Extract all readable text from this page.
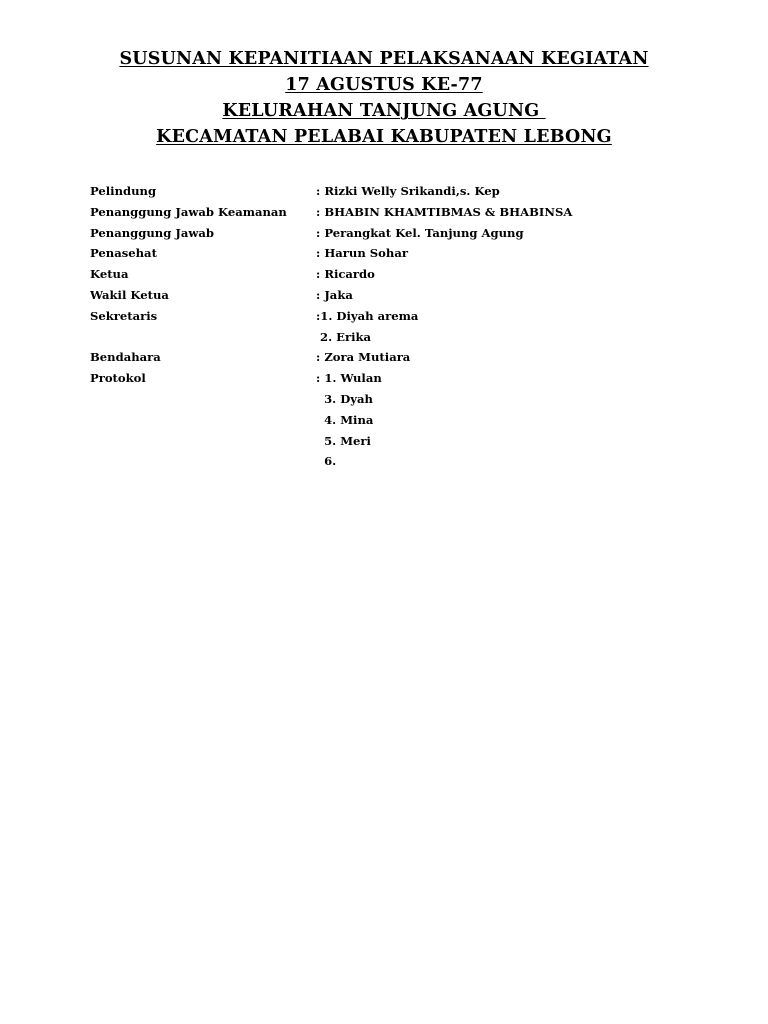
SUSUNAN KEPANITIAAN PELAKSANAAN KEGIATAN
17 AGUSTUS KE-77
KELURAHAN TANJUNG AGUNG
KECAMATAN PELABAI KABUPATEN LEBONG

Pelindung

	: Rizki Welly Srikandi,s. Kep

Penanggung Jawab Keamanan

	: BHABIN KHAMTIBMAS & BHABINSA

Penanggung Jawab

	: Perangkat Kel. Tanjung Agung

Penasehat

	: Harun Sohar

Ketua

	: Ricardo

Wakil Ketua

	: Jaka

Sekretaris

	:1. Diyah arema

2. Erika

Bendahara

	: Zora Mutiara

Protokol

	: 1. Wulan

3. Dyah

4. Mina

5. Meri

6.
